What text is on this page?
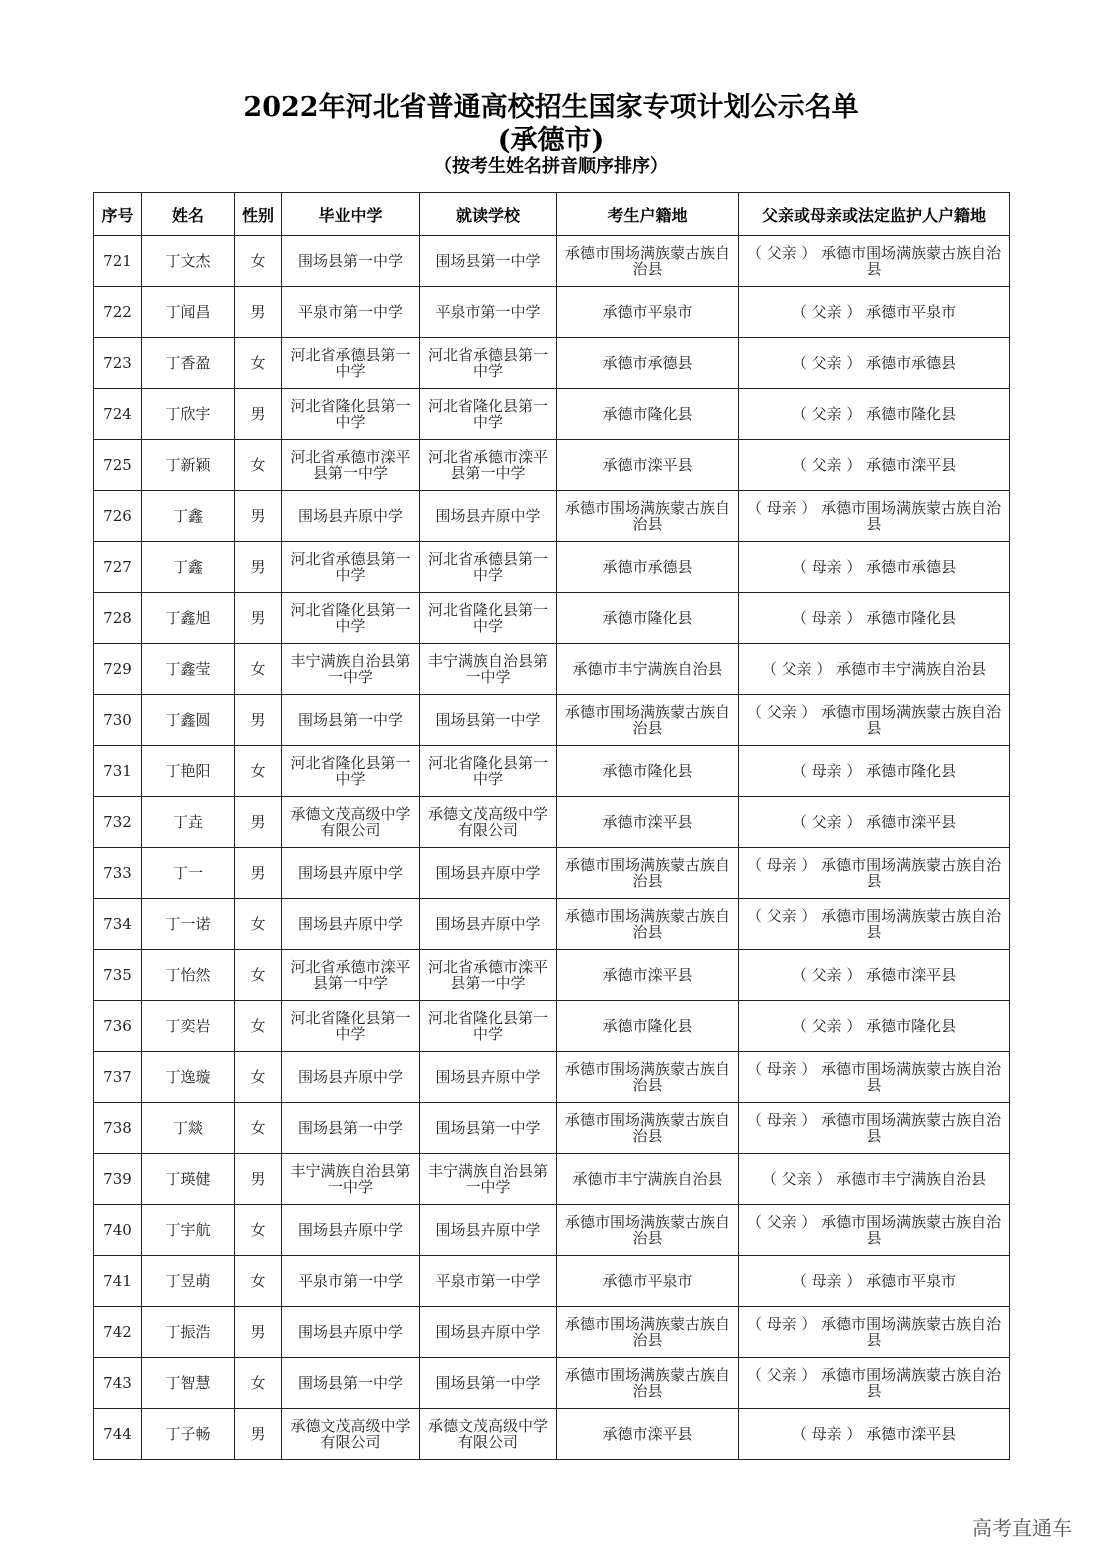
2022年河北省普通高校招生国家专项计划公示名单
(承德市)
（按考生姓名拼音顺序排序）
序号	姓名	性别	毕业中学	就读学校	考生户籍地	父亲或母亲或法定监护人户籍地
721	丁文杰	女	围场县第一中学	围场县第一中学	承德市围场满族蒙古族自治县	（ 父亲 ） 承德市围场满族蒙古族自治县
722	丁闻昌	男	平泉市第一中学	平泉市第一中学	承德市平泉市	（ 父亲 ） 承德市平泉市
723	丁香盈	女	河北省承德县第一中学	河北省承德县第一中学	承德市承德县	（ 父亲 ） 承德市承德县
724	丁欣宇	男	河北省隆化县第一中学	河北省隆化县第一中学	承德市隆化县	（ 父亲 ） 承德市隆化县
725	丁新颖	女	河北省承德市滦平县第一中学	河北省承德市滦平县第一中学	承德市滦平县	（ 父亲 ） 承德市滦平县
726	丁鑫	男	围场县卉原中学	围场县卉原中学	承德市围场满族蒙古族自治县	（ 母亲 ） 承德市围场满族蒙古族自治县
727	丁鑫	男	河北省承德县第一中学	河北省承德县第一中学	承德市承德县	（ 母亲 ） 承德市承德县
728	丁鑫旭	男	河北省隆化县第一中学	河北省隆化县第一中学	承德市隆化县	（ 母亲 ） 承德市隆化县
729	丁鑫莹	女	丰宁满族自治县第一中学	丰宁满族自治县第一中学	承德市丰宁满族自治县	（ 父亲 ） 承德市丰宁满族自治县
730	丁鑫圆	男	围场县第一中学	围场县第一中学	承德市围场满族蒙古族自治县	（ 父亲 ） 承德市围场满族蒙古族自治县
731	丁艳阳	女	河北省隆化县第一中学	河北省隆化县第一中学	承德市隆化县	（ 母亲 ） 承德市隆化县
732	丁垚	男	承德文茂高级中学有限公司	承德文茂高级中学有限公司	承德市滦平县	（ 父亲 ） 承德市滦平县
733	丁一	男	围场县卉原中学	围场县卉原中学	承德市围场满族蒙古族自治县	（ 母亲 ） 承德市围场满族蒙古族自治县
734	丁一诺	女	围场县卉原中学	围场县卉原中学	承德市围场满族蒙古族自治县	（ 父亲 ） 承德市围场满族蒙古族自治县
735	丁怡然	女	河北省承德市滦平县第一中学	河北省承德市滦平县第一中学	承德市滦平县	（ 父亲 ） 承德市滦平县
736	丁奕岩	女	河北省隆化县第一中学	河北省隆化县第一中学	承德市隆化县	（ 父亲 ） 承德市隆化县
737	丁逸璇	女	围场县卉原中学	围场县卉原中学	承德市围场满族蒙古族自治县	（ 母亲 ） 承德市围场满族蒙古族自治县
738	丁燚	女	围场县第一中学	围场县第一中学	承德市围场满族蒙古族自治县	（ 母亲 ） 承德市围场满族蒙古族自治县
739	丁瑛健	男	丰宁满族自治县第一中学	丰宁满族自治县第一中学	承德市丰宁满族自治县	（ 父亲 ） 承德市丰宁满族自治县
740	丁宇航	女	围场县卉原中学	围场县卉原中学	承德市围场满族蒙古族自治县	（ 父亲 ） 承德市围场满族蒙古族自治县
741	丁昱萌	女	平泉市第一中学	平泉市第一中学	承德市平泉市	（ 母亲 ） 承德市平泉市
742	丁振浩	男	围场县卉原中学	围场县卉原中学	承德市围场满族蒙古族自治县	（ 母亲 ） 承德市围场满族蒙古族自治县
743	丁智慧	女	围场县第一中学	围场县第一中学	承德市围场满族蒙古族自治县	（ 父亲 ） 承德市围场满族蒙古族自治县
744	丁子畅	男	承德文茂高级中学有限公司	承德文茂高级中学有限公司	承德市滦平县	（ 母亲 ） 承德市滦平县
高考直通车
